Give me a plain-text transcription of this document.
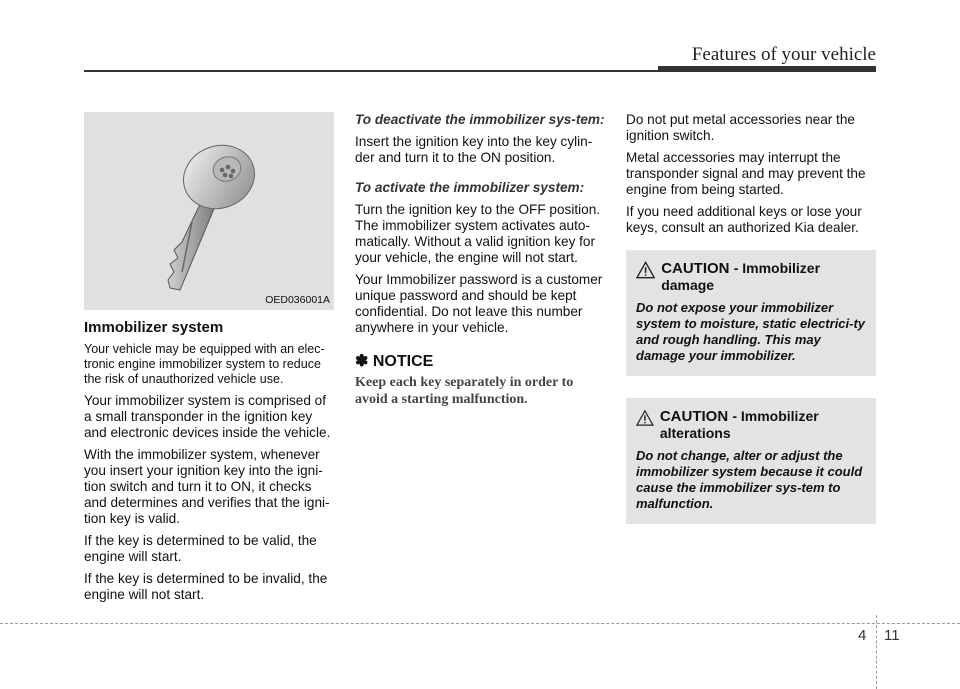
Features of your vehicle
OED036001A
Immobilizer system

Your vehicle may be equipped with an elec-tronic engine immobilizer system to reduce the risk of unauthorized vehicle use.

Your immobilizer system is comprised of a small transponder in the ignition key and electronic devices inside the vehicle.

With the immobilizer system, whenever you insert your ignition key into the igni-tion switch and turn it to ON, it checks and determines and verifies that the igni-tion key is valid.

If the key is determined to be valid, the engine will start.

If the key is determined to be invalid, the engine will not start.

To deactivate the immobilizer sys-tem:

Insert the ignition key into the key cylin-der and turn it to the ON position.

To activate the immobilizer system:

Turn the ignition key to the OFF position. The immobilizer system activates auto-matically. Without a valid ignition key for your vehicle, the engine will not start.

Your Immobilizer password is a customer unique password and should be kept confidential. Do not leave this number anywhere in your vehicle.

✽ NOTICE
Keep each key separately in order to avoid a starting malfunction.

Do not put metal accessories near the ignition switch.

Metal accessories may interrupt the transponder signal and may prevent the engine from being started.

If you need additional keys or lose your keys, consult an authorized Kia dealer.

CAUTION - Immobilizer damage
Do not expose your immobilizer system to moisture, static electrici-ty and rough handling. This may damage your immobilizer.
CAUTION - Immobilizer alterations
Do not change, alter or adjust the immobilizer system because it could cause the immobilizer sys-tem to malfunction.
4 11
